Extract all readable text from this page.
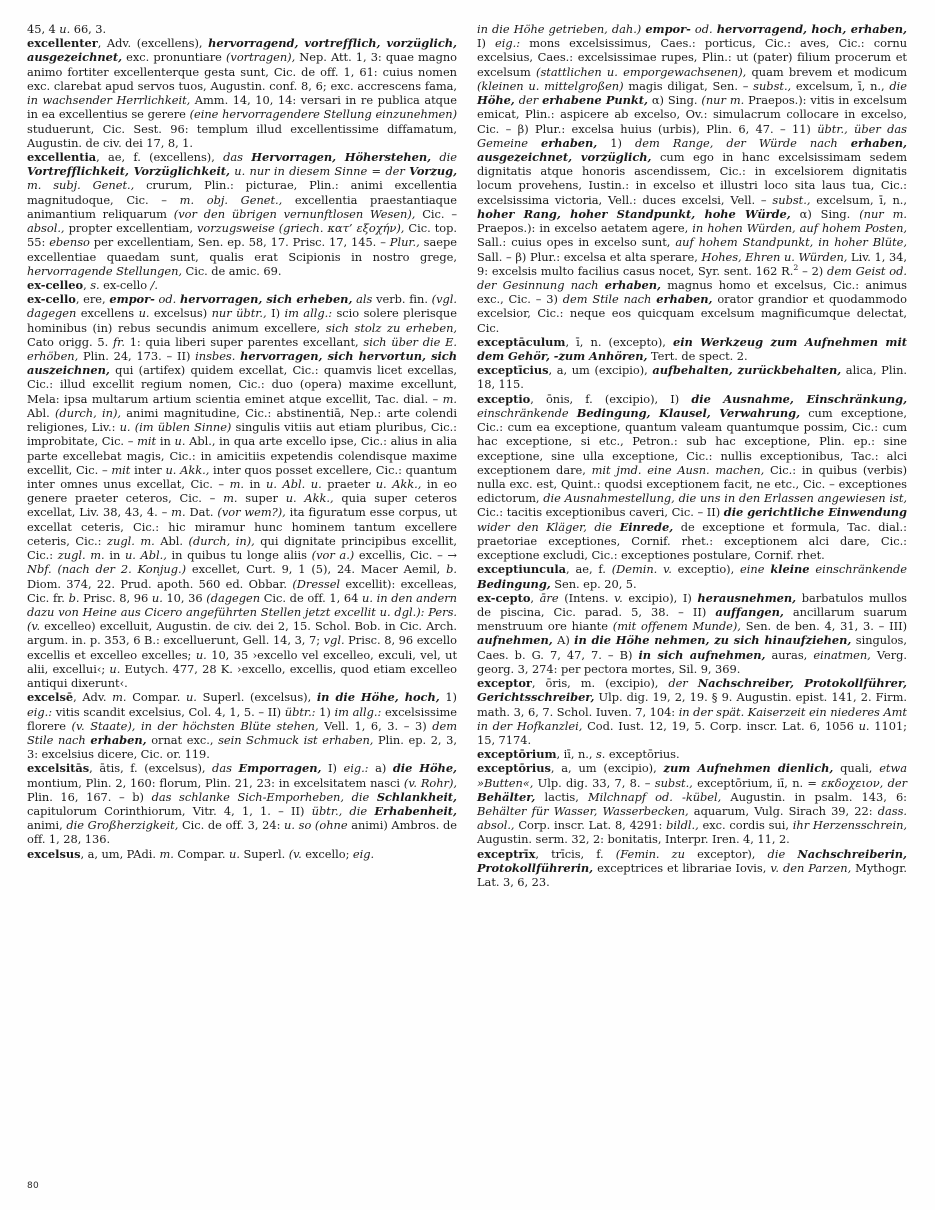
45, 4 u. 66, 3.

excellenter, Adv. (excellens), hervorragend, vortrefflich, vorzüglich, ausgezeichnet, exc. pronuntiare (vortragen), Nep. Att. 1, 3: quae magno animo fortiter excellenterque gesta sunt, Cic. de off. 1, 61: cuius nomen exc. clarebat apud servos tuos, Augustin. conf. 8, 6; exc. accrescens fama, in wachsender Herrlichkeit, Amm. 14, 10, 14: versari in re publica atque in ea excellentius se gerere (eine hervorragendere Stellung einzunehmen) studuerunt, Cic. Sest. 96: templum illud excellentissime diffamatum, Augustin. de civ. dei 17, 8, 1.

excellentia, ae, f. (excellens), das Hervorragen, Höherstehen, die Vortrefflichkeit, Vorzüglichkeit, u. nur in diesem Sinne = der Vorzug, m. subj. Genet., crurum, Plin.: picturae, Plin.: animi excellentia magnitudoque, Cic. – m. obj. Genet., excellentia praestantiaque animantium reliquarum (vor den übrigen vernunftlosen Wesen), Cic. – absol., propter excellentiam, vorzugsweise (griech. κατ’ εξοχήν), Cic. top. 55: ebenso per excellentiam, Sen. ep. 58, 17. Prisc. 17, 145. – Plur., saepe excellentiae quaedam sunt, qualis erat Scipionis in nostro grege, hervorragende Stellungen, Cic. de amic. 69.

ex-celleo, s. ex-cello /.

ex-cello, ere, empor- od. hervorragen, sich erheben, als verb. fin. (vgl. dagegen excellens u. excelsus) nur übtr., I) im allg.: scio solere plerisque hominibus (in) rebus secundis animum excellere, sich stolz zu erheben, Cato origg. 5. fr. 1: quia liberi super parentes excellant, sich über die E. erhöben, Plin. 24, 173. – II) insbes. hervorragen, sich hervortun, sich auszeichnen, qui (artifex) quidem excellat, Cic.: quamvis licet excellas, Cic.: illud excellit regium nomen, Cic.: duo (opera) maxime excellunt, Mela: ipsa multarum artium scientia eminet atque excellit, Tac. dial. – m. Abl. (durch, in), animi magnitudine, Cic.: abstinentiā, Nep.: arte colendi religiones, Liv.: u. (im üblen Sinne) singulis vitiis aut etiam pluribus, Cic.: improbitate, Cic. – mit in u. Abl., in qua arte excello ipse, Cic.: alius in alia parte excellebat magis, Cic.: in amicitiis expetendis colendisque maxime excellit, Cic. – mit inter u. Akk., inter quos posset excellere, Cic.: quantum inter omnes unus excellat, Cic. – m. in u. Abl. u. praeter u. Akk., in eo genere praeter ceteros, Cic. – m. super u. Akk., quia super ceteros excellat, Liv. 38, 43, 4. – m. Dat. (vor wem?), ita figuratum esse corpus, ut excellat ceteris, Cic.: hic miramur hunc hominem tantum excellere ceteris, Cic.: zugl. m. Abl. (durch, in), qui dignitate principibus excellit, Cic.: zugl. m. in u. Abl., in quibus tu longe aliis (vor a.) excellis, Cic. – → Nbf. (nach der 2. Konjug.) excellet, Curt. 9, 1 (5), 24. Macer Aemil, b. Diom. 374, 22. Prud. apoth. 560 ed. Obbar. (Dressel excellit): excelleas, Cic. fr. b. Prisc. 8, 96 u. 10, 36 (dagegen Cic. de off. 1, 64 u. in den andern dazu von Heine aus Cicero angeführten Stellen jetzt excellit u. dgl.): Pers. (v. excelleo) excelluit, Augustin. de civ. dei 2, 15. Schol. Bob. in Cic. Arch. argum. in. p. 353, 6 B.: excelluerunt, Gell. 14, 3, 7; vgl. Prisc. 8, 96 excello excellis et excelleo excelles; u. 10, 35 ›excello vel excelleo, exculi, vel, ut alii, excellui‹; u. Eutych. 477, 28 K. ›excello, excellis, quod etiam excelleo antiqui dixerunt‹.

excelsē, Adv. m. Compar. u. Superl. (excelsus), in die Höhe, hoch, 1) eig.: vitis scandit excelsius, Col. 4, 1, 5. – II) übtr.: 1) im allg.: excelsissime florere (v. Staate), in der höchsten Blüte stehen, Vell. 1, 6, 3. – 3) dem Stile nach erhaben, ornat exc., sein Schmuck ist erhaben, Plin. ep. 2, 3, 3: excelsius dicere, Cic. or. 119.

excelsitās, ātis, f. (excelsus), das Emporragen, I) eig.: a) die Höhe, montium, Plin. 2, 160: florum, Plin. 21, 23: in excelsitatem nasci (v. Rohr), Plin. 16, 167. – b) das schlanke Sich-Emporheben, die Schlankheit, capitulorum Corinthiorum, Vitr. 4, 1, 1. – II) übtr., die Erhabenheit, animi, die Großherzigkeit, Cic. de off. 3, 24: u. so (ohne animi) Ambros. de off. 1, 28, 136.

excelsus, a, um, PAdi. m. Compar. u. Superl. (v. excello; eig.

in die Höhe getrieben, dah.) empor- od. hervorragend, hoch, erhaben, I) eig.: mons excelsissimus, Caes.: porticus, Cic.: aves, Cic.: cornu excelsius, Caes.: excelsissimae rupes, Plin.: ut (pater) filium procerum et excelsum (stattlichen u. emporgewachsenen), quam brevem et modicum (kleinen u. mittelgroßen) magis diligat, Sen. – subst., excelsum, ī, n., die Höhe, der erhabene Punkt, α) Sing. (nur m. Praepos.): vitis in excelsum emicat, Plin.: aspicere ab excelso, Ov.: simulacrum collocare in excelso, Cic. – β) Plur.: excelsa huius (urbis), Plin. 6, 47. – 11) übtr., über das Gemeine erhaben, 1) dem Range, der Würde nach erhaben, ausgezeichnet, vorzüglich, cum ego in hanc excelsissimam sedem dignitatis atque honoris ascendissem, Cic.: in excelsiorem dignitatis locum provehens, Iustin.: in excelso et illustri loco sita laus tua, Cic.: excelsissima victoria, Vell.: duces excelsi, Vell. – subst., excelsum, ī, n., hoher Rang, hoher Standpunkt, hohe Würde, α) Sing. (nur m. Praepos.): in excelso aetatem agere, in hohen Würden, auf hohem Posten, Sall.: cuius opes in excelso sunt, auf hohem Standpunkt, in hoher Blüte, Sall. – β) Plur.: excelsa et alta sperare, Hohes, Ehren u. Würden, Liv. 1, 34, 9: excelsis multo facilius casus nocet, Syr. sent. 162 R.$^2$ – 2) dem Geist od. der Gesinnung nach erhaben, magnus homo et excelsus, Cic.: animus exc., Cic. – 3) dem Stile nach erhaben, orator grandior et quodammodo excelsior, Cic.: neque eos quicquam excelsum magnificumque delectat, Cic.

exceptāculum, ī, n. (excepto), ein Werkzeug zum Aufnehmen mit dem Gehör, -zum Anhören, Tert. de spect. 2.

exceptīcius, a, um (excipio), aufbehalten, zurückbehalten, alica, Plin. 18, 115.

exceptio, ōnis, f. (excipio), I) die Ausnahme, Einschränkung, einschränkende Bedingung, Klausel, Verwahrung, cum exceptione, Cic.: cum ea exceptione, quantum valeam quantumque possim, Cic.: cum hac exceptione, si etc., Petron.: sub hac exceptione, Plin. ep.: sine exceptione, sine ulla exceptione, Cic.: nullis exceptionibus, Tac.: alci exceptionem dare, mit jmd. eine Ausn. machen, Cic.: in quibus (verbis) nulla exc. est, Quint.: quodsi exceptionem facit, ne etc., Cic. – exceptiones edictorum, die Ausnahmestellung, die uns in den Erlassen angewiesen ist, Cic.: tacitis exceptionibus caveri, Cic. – II) die gerichtliche Einwendung wider den Kläger, die Einrede, de exceptione et formula, Tac. dial.: praetoriae exceptiones, Cornif. rhet.: exceptionem alci dare, Cic.: exceptione excludi, Cic.: exceptiones postulare, Cornif. rhet.

exceptiuncula, ae, f. (Demin. v. exceptio), eine kleine einschränkende Bedingung, Sen. ep. 20, 5.

ex-cepto, āre (Intens. v. excipio), I) herausnehmen, barbatulos mullos de piscina, Cic. parad. 5, 38. – II) auffangen, ancillarum suarum menstruum ore hiante (mit offenem Munde), Sen. de ben. 4, 31, 3. – III) aufnehmen, A) in die Höhe nehmen, zu sich hinaufziehen, singulos, Caes. b. G. 7, 47, 7. – B) in sich aufnehmen, auras, einatmen, Verg. georg. 3, 274: per pectora mortes, Sil. 9, 369.

exceptor, ōris, m. (excipio), der Nachschreiber, Protokollführer, Gerichtsschreiber, Ulp. dig. 19, 2, 19. § 9. Augustin. epist. 141, 2. Firm. math. 3, 6, 7. Schol. Iuven. 7, 104: in der spät. Kaiserzeit ein niederes Amt in der Hofkanzlei, Cod. Iust. 12, 19, 5. Corp. inscr. Lat. 6, 1056 u. 1101; 15, 7174.

exceptōrium, iī, n., s. exceptōrius.

exceptōrius, a, um (excipio), zum Aufnehmen dienlich, quali, etwa »Butten«, Ulp. dig. 33, 7, 8. – subst., exceptōrium, iī, n. = εκδοχειον, der Behälter, lactis, Milchnapf od. -kübel, Augustin. in psalm. 143, 6: Behälter für Wasser, Wasserbecken, aquarum, Vulg. Sirach 39, 22: dass. absol., Corp. inscr. Lat. 8, 4291: bildl., exc. cordis sui, ihr Herzensschrein, Augustin. serm. 32, 2: bonitatis, Interpr. Iren. 4, 11, 2.

exceptrīx, trīcis, f. (Femin. zu exceptor), die Nachschreiberin, Protokollführerin, exceptrices et librariae Iovis, v. den Parzen, Mythogr. Lat. 3, 6, 23.

80
